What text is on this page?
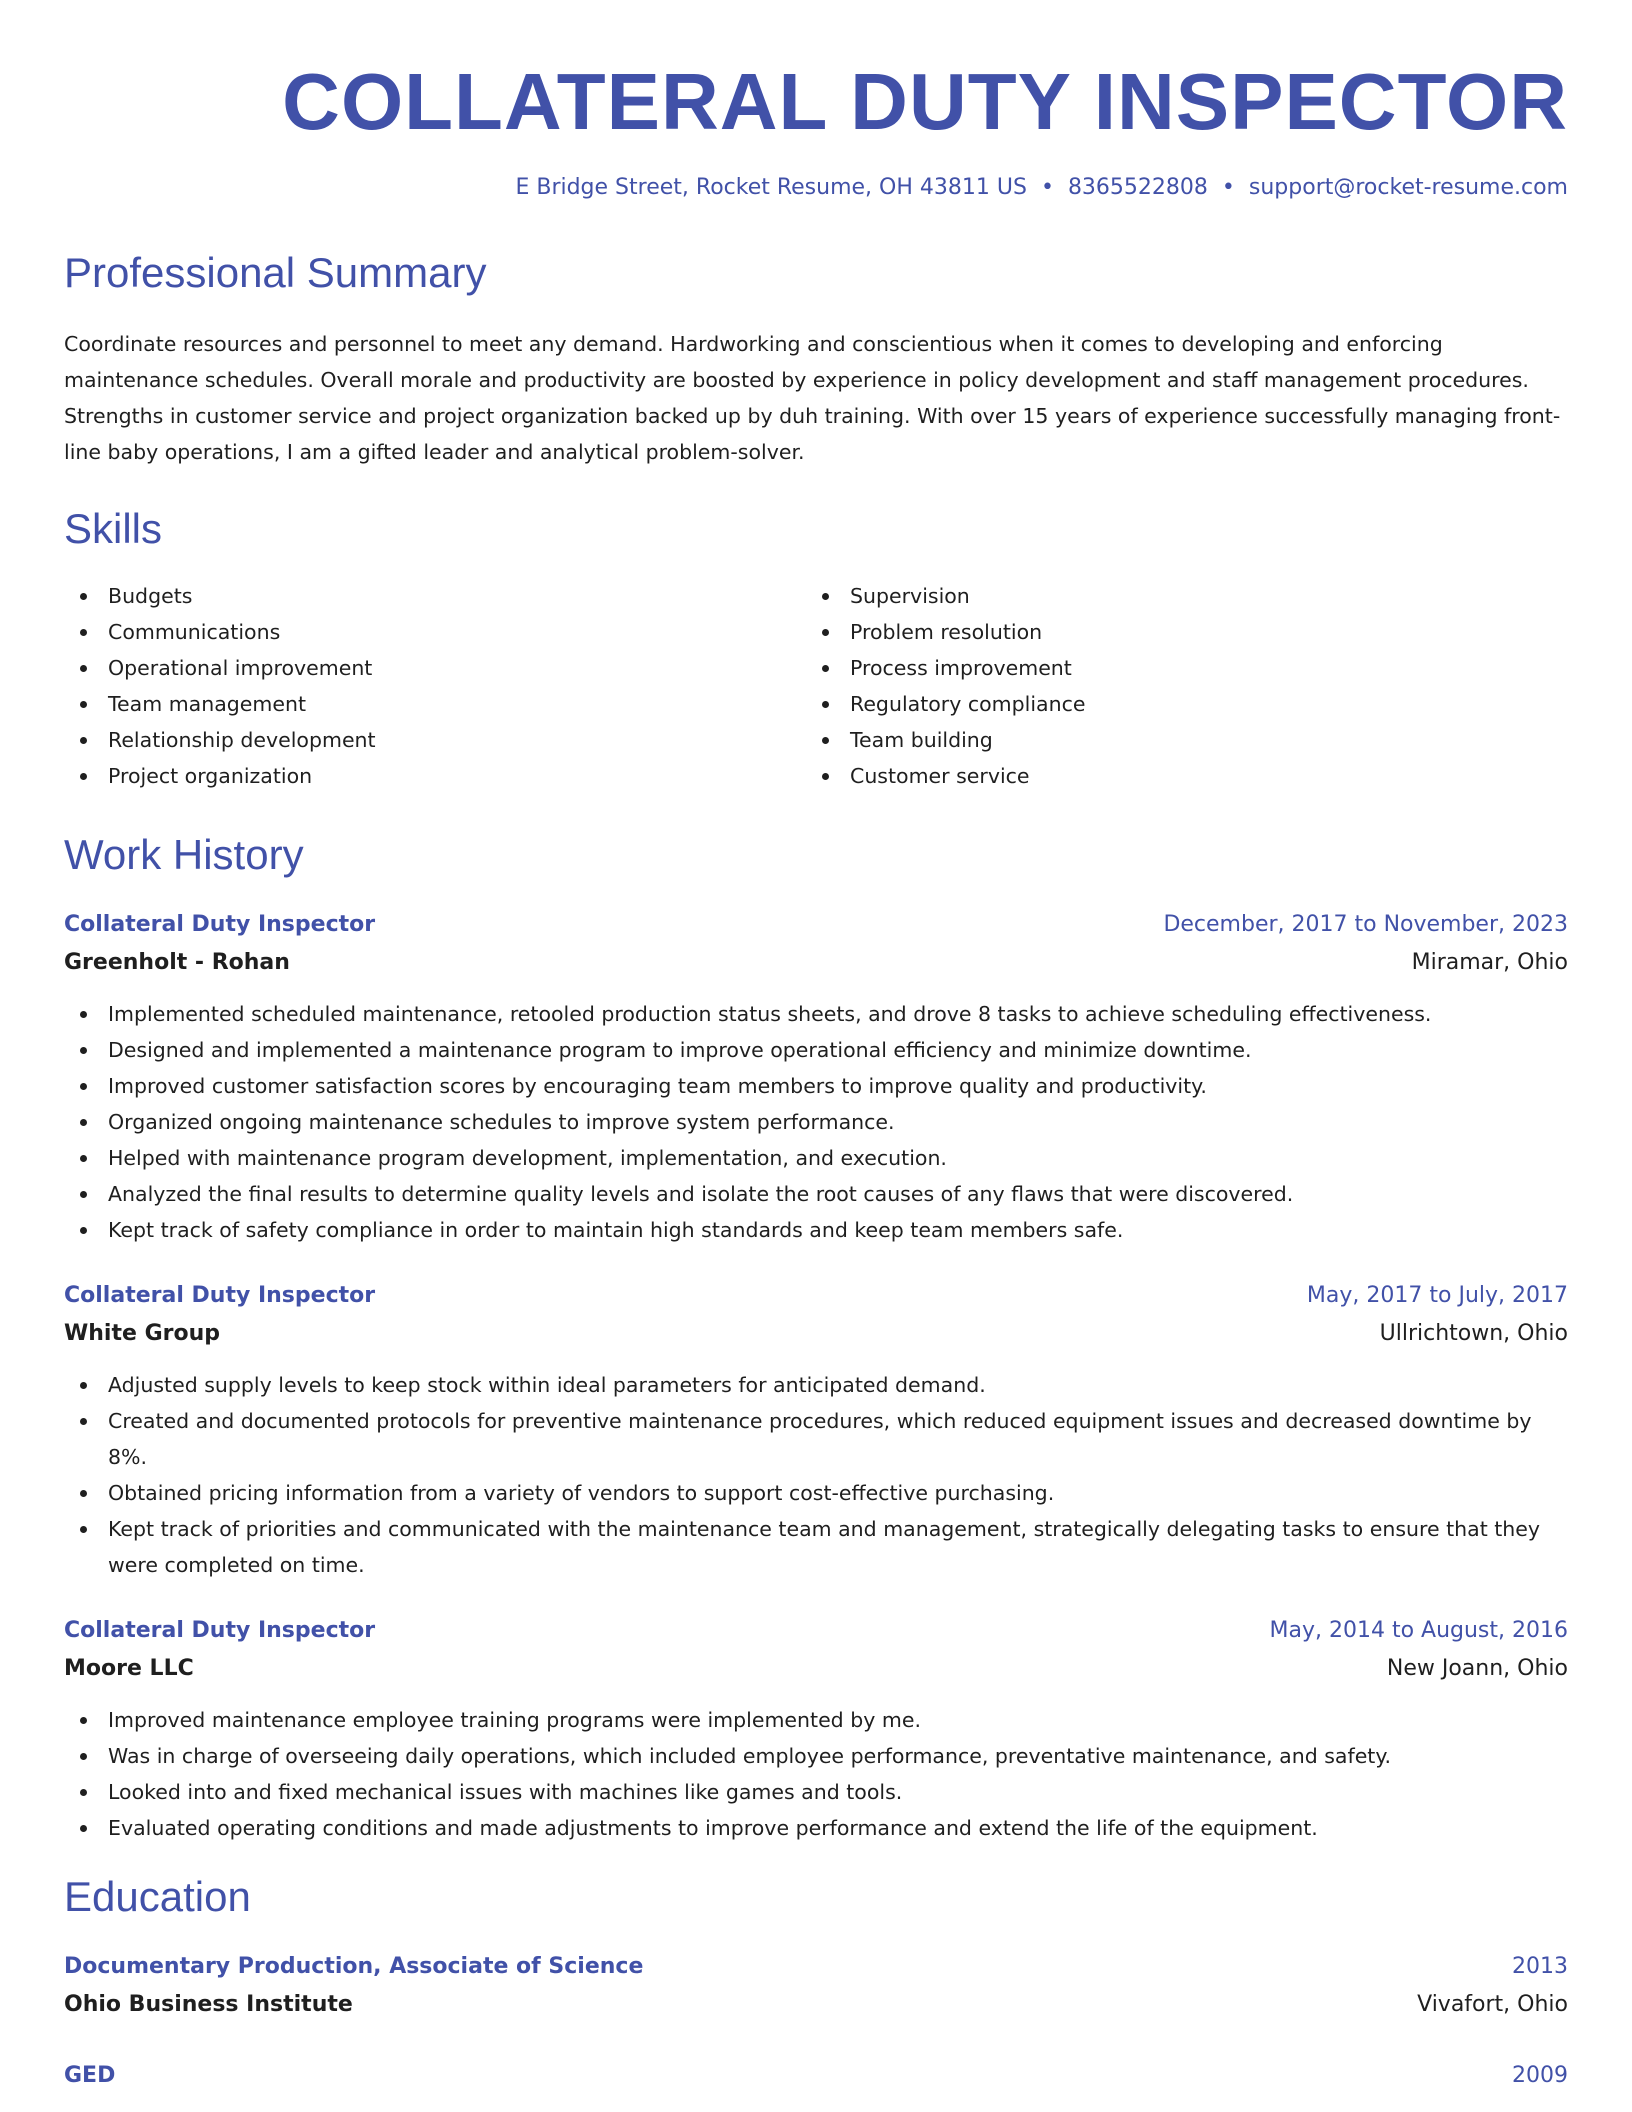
COLLATERAL DUTY INSPECTOR
E Bridge Street, Rocket Resume, OH 43811 US • 8365522808 • support@rocket-resume.com
Professional Summary

Coordinate resources and personnel to meet any demand. Hardworking and conscientious when it comes to developing and enforcing maintenance schedules. Overall morale and productivity are boosted by experience in policy development and staff management procedures. Strengths in customer service and project organization backed up by duh training. With over 15 years of experience successfully managing front-line baby operations, I am a gifted leader and analytical problem-solver.

Skills
Budgets
Communications
Operational improvement
Team management
Relationship development
Project organization
Supervision
Problem resolution
Process improvement
Regulatory compliance
Team building
Customer service
Work History
Collateral Duty Inspector	December, 2017 to November, 2023
Greenholt - Rohan	Miramar, Ohio
Implemented scheduled maintenance, retooled production status sheets, and drove 8 tasks to achieve scheduling effectiveness.
Designed and implemented a maintenance program to improve operational efficiency and minimize downtime.
Improved customer satisfaction scores by encouraging team members to improve quality and productivity.
Organized ongoing maintenance schedules to improve system performance.
Helped with maintenance program development, implementation, and execution.
Analyzed the final results to determine quality levels and isolate the root causes of any flaws that were discovered.
Kept track of safety compliance in order to maintain high standards and keep team members safe.
Collateral Duty Inspector	May, 2017 to July, 2017
White Group	Ullrichtown, Ohio
Adjusted supply levels to keep stock within ideal parameters for anticipated demand.
Created and documented protocols for preventive maintenance procedures, which reduced equipment issues and decreased downtime by 8%.
Obtained pricing information from a variety of vendors to support cost-effective purchasing.
Kept track of priorities and communicated with the maintenance team and management, strategically delegating tasks to ensure that they were completed on time.
Collateral Duty Inspector	May, 2014 to August, 2016
Moore LLC	New Joann, Ohio
Improved maintenance employee training programs were implemented by me.
Was in charge of overseeing daily operations, which included employee performance, preventative maintenance, and safety.
Looked into and fixed mechanical issues with machines like games and tools.
Evaluated operating conditions and made adjustments to improve performance and extend the life of the equipment.
Education
Documentary Production, Associate of Science	2013
Ohio Business Institute	Vivafort, Ohio
GED	2009
